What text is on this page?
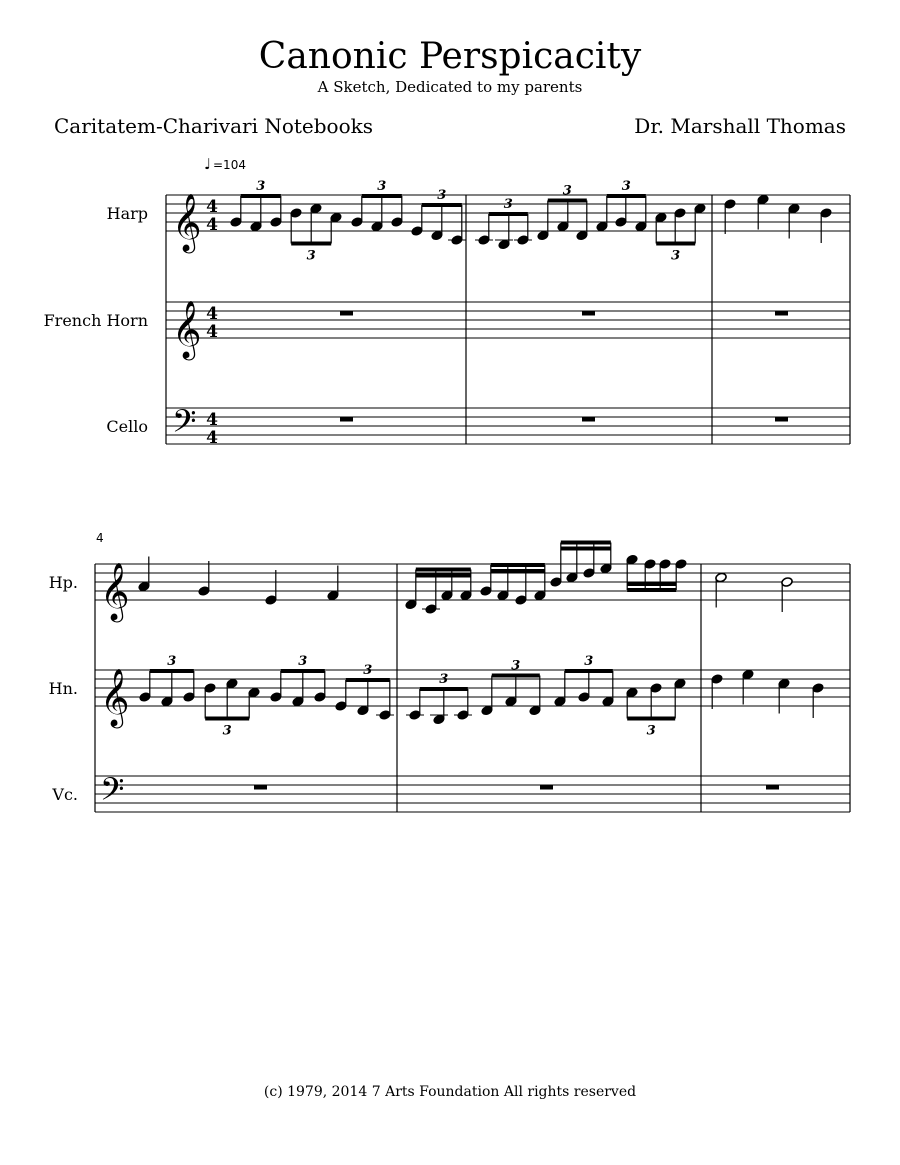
Canonic Perspicacity
A Sketch, Dedicated to my parents
Caritatem-Charivari Notebooks	Dr. Marshall Thomas
♩ =104
Harp 𝄞 4
4
French Horn 𝄞 4
4
Cello 𝄢 4
4
3
3
3
3
3
3	3
3
4
Hp. 𝄞
Hn. 𝄞
Vc. 𝄢
3
3
3
3
3
3	3
3
(c) 1979, 2014 7 Arts Foundation All rights reserved
